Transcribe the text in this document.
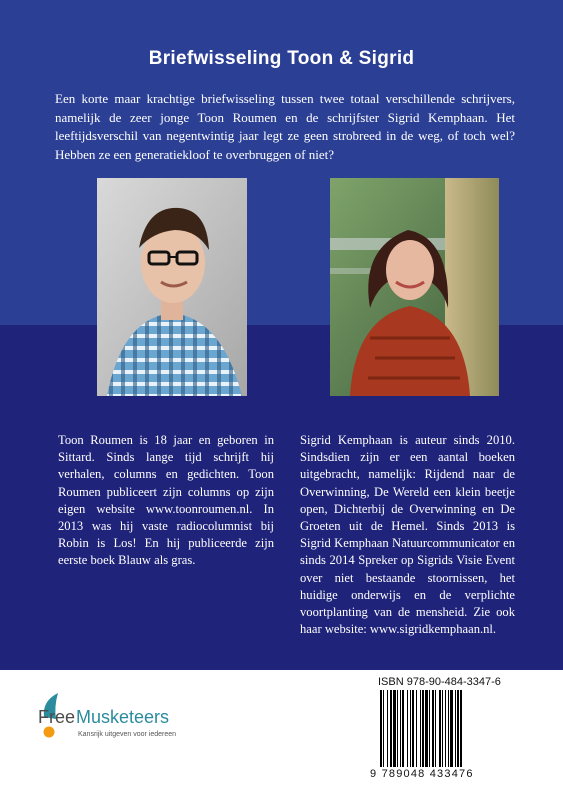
Briefwisseling Toon & Sigrid
Een korte maar krachtige briefwisseling tussen twee totaal verschillende schrijvers, namelijk de zeer jonge Toon Roumen en de schrijfster Sigrid Kemphaan. Het leeftijdsverschil van negentwintig jaar legt ze geen strobreed in de weg, of toch wel? Hebben ze een generatiekloof te overbruggen of niet?
Toon Roumen is 18 jaar en geboren in Sittard. Sinds lange tijd schrijft hij verhalen, columns en gedichten. Toon Roumen publiceert zijn columns op zijn eigen website www.toonroumen.nl. In 2013 was hij vaste radiocolumnist bij Robin is Los! En hij publiceerde zijn eerste boek Blauw als gras.
Sigrid Kemphaan is auteur sinds 2010. Sindsdien zijn er een aantal boeken uitgebracht, namelijk: Rijdend naar de Overwinning, De Wereld een klein beetje open, Dichterbij de Overwinning en De Groeten uit de Hemel. Sinds 2013 is Sigrid Kemphaan Natuurcommunicator en sinds 2014 Spreker op Sigrids Visie Event over niet bestaande stoornissen, het huidige onderwijs en de verplichte voortplanting van de mensheid. Zie ook haar website: www.sigridkemphaan.nl.
Free Musketeers
Kansrijk uitgeven voor iedereen
ISBN 978-90-484-3347-6
9 789048 433476
